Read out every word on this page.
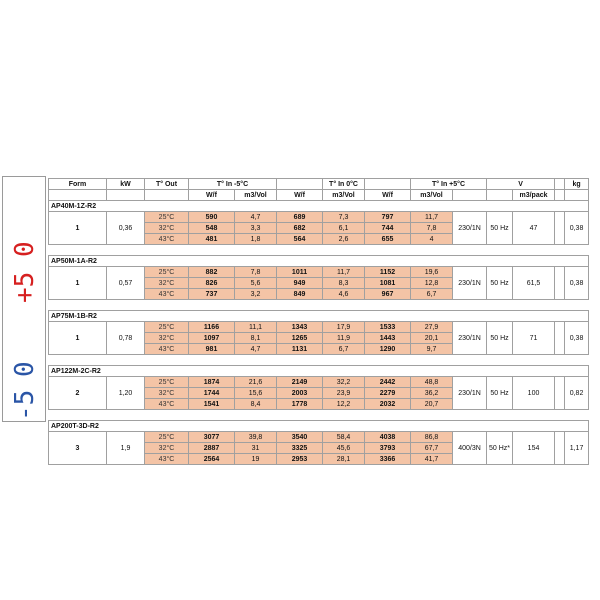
-5
0
+5
0
Form	kW	T° Out	T° In -5°C			T° In 0°C		T° In +5°C		V			kg
			W/f	m3/Vol	W/f	m3/Vol	W/f	m3/Vol			m3/pack		
AP40M-1Z-R2													
1	0,36	25°C	590	4,7	689	7,3	797	11,7	230/1N	50 Hz	47		0,38
		32°C	548	3,3	682	6,1	744	7,8					
		43°C	481	1,8	564	2,6	655	4					

AP50M-1A-R2													
1	0,57	25°C	882	7,8	1011	11,7	1152	19,6	230/1N	50 Hz	61,5		0,38
		32°C	826	5,6	949	8,3	1081	12,8					
		43°C	737	3,2	849	4,6	967	6,7					

AP75M-1B-R2													
1	0,78	25°C	1166	11,1	1343	17,9	1533	27,9	230/1N	50 Hz	71		0,38
		32°C	1097	8,1	1265	11,9	1443	20,1					
		43°C	981	4,7	1131	6,7	1290	9,7					

AP122M-2C-R2													
2	1,20	25°C	1874	21,6	2149	32,2	2442	48,8	230/1N	50 Hz	100		0,82
		32°C	1744	15,6	2003	23,9	2279	36,2					
		43°C	1541	8,4	1778	12,2	2032	20,7					

AP200T-3D-R2													
3	1,9	25°C	3077	39,8	3540	58,4	4038	86,8	400/3N	50 Hz*	154		1,17
		32°C	2887	31	3325	45,6	3793	67,7					
		43°C	2564	19	2953	28,1	3366	41,7					
